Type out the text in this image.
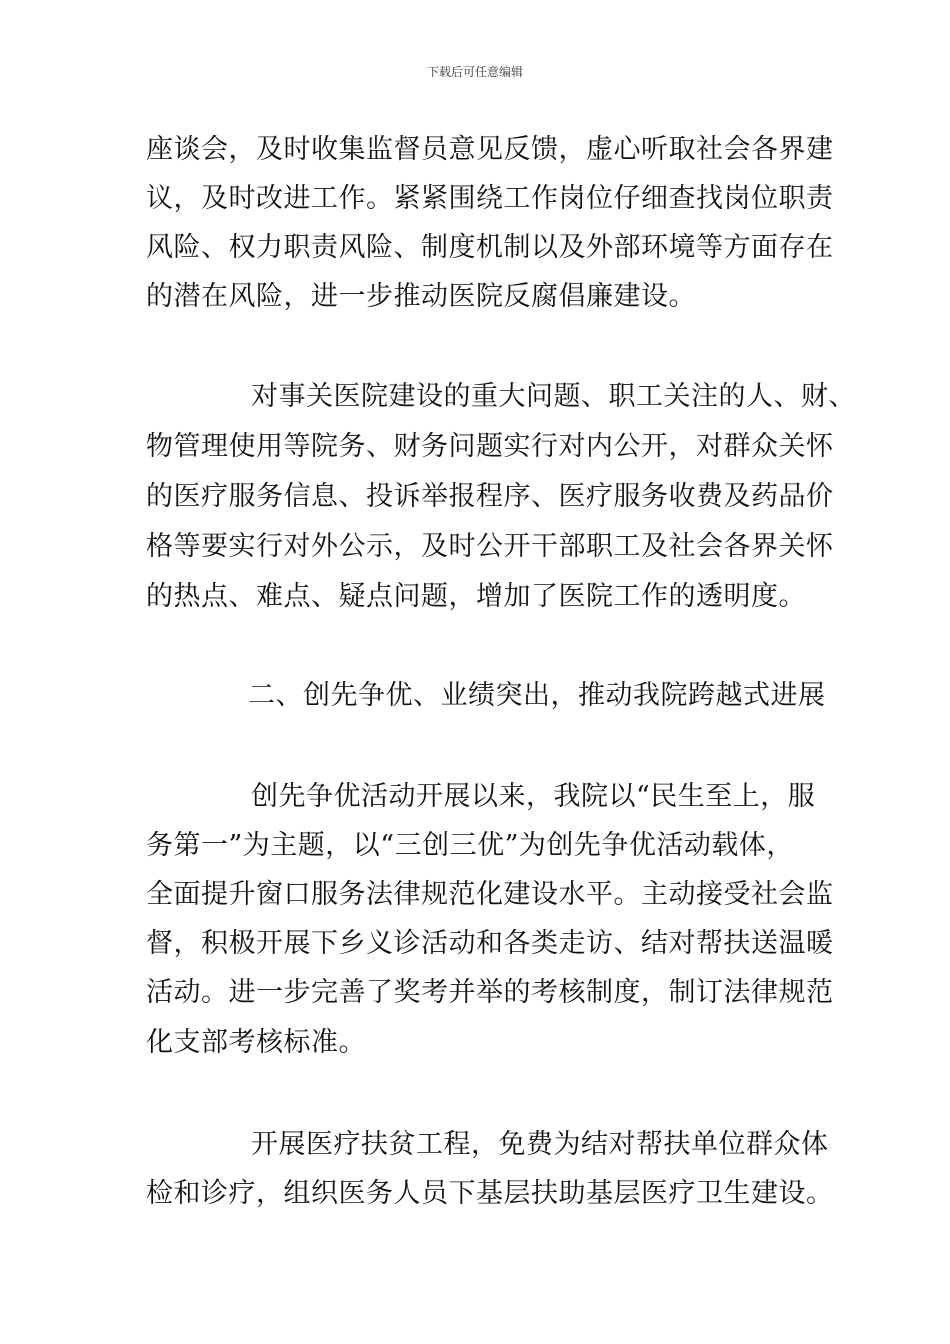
下载后可任意编辑
座谈会，及时收集监督员意见反馈，虚心听取社会各界建
议，及时改进工作。紧紧围绕工作岗位仔细查找岗位职责
风险、权力职责风险、制度机制以及外部环境等方面存在
的潜在风险，进一步推动医院反腐倡廉建设。
对事关医院建设的重大问题、职工关注的人、财、
物管理使用等院务、财务问题实行对内公开，对群众关怀
的医疗服务信息、投诉举报程序、医疗服务收费及药品价
格等要实行对外公示，及时公开干部职工及社会各界关怀
的热点、难点、疑点问题，增加了医院工作的透明度。
二、创先争优、业绩突出，推动我院跨越式进展
创先争优活动开展以来，我院以“民生至上，服
务第一”为主题，以“三创三优”为创先争优活动载体，
全面提升窗口服务法律规范化建设水平。主动接受社会监
督，积极开展下乡义诊活动和各类走访、结对帮扶送温暖
活动。进一步完善了奖考并举的考核制度，制订法律规范
化支部考核标准。
开展医疗扶贫工程，免费为结对帮扶单位群众体
检和诊疗，组织医务人员下基层扶助基层医疗卫生建设。
